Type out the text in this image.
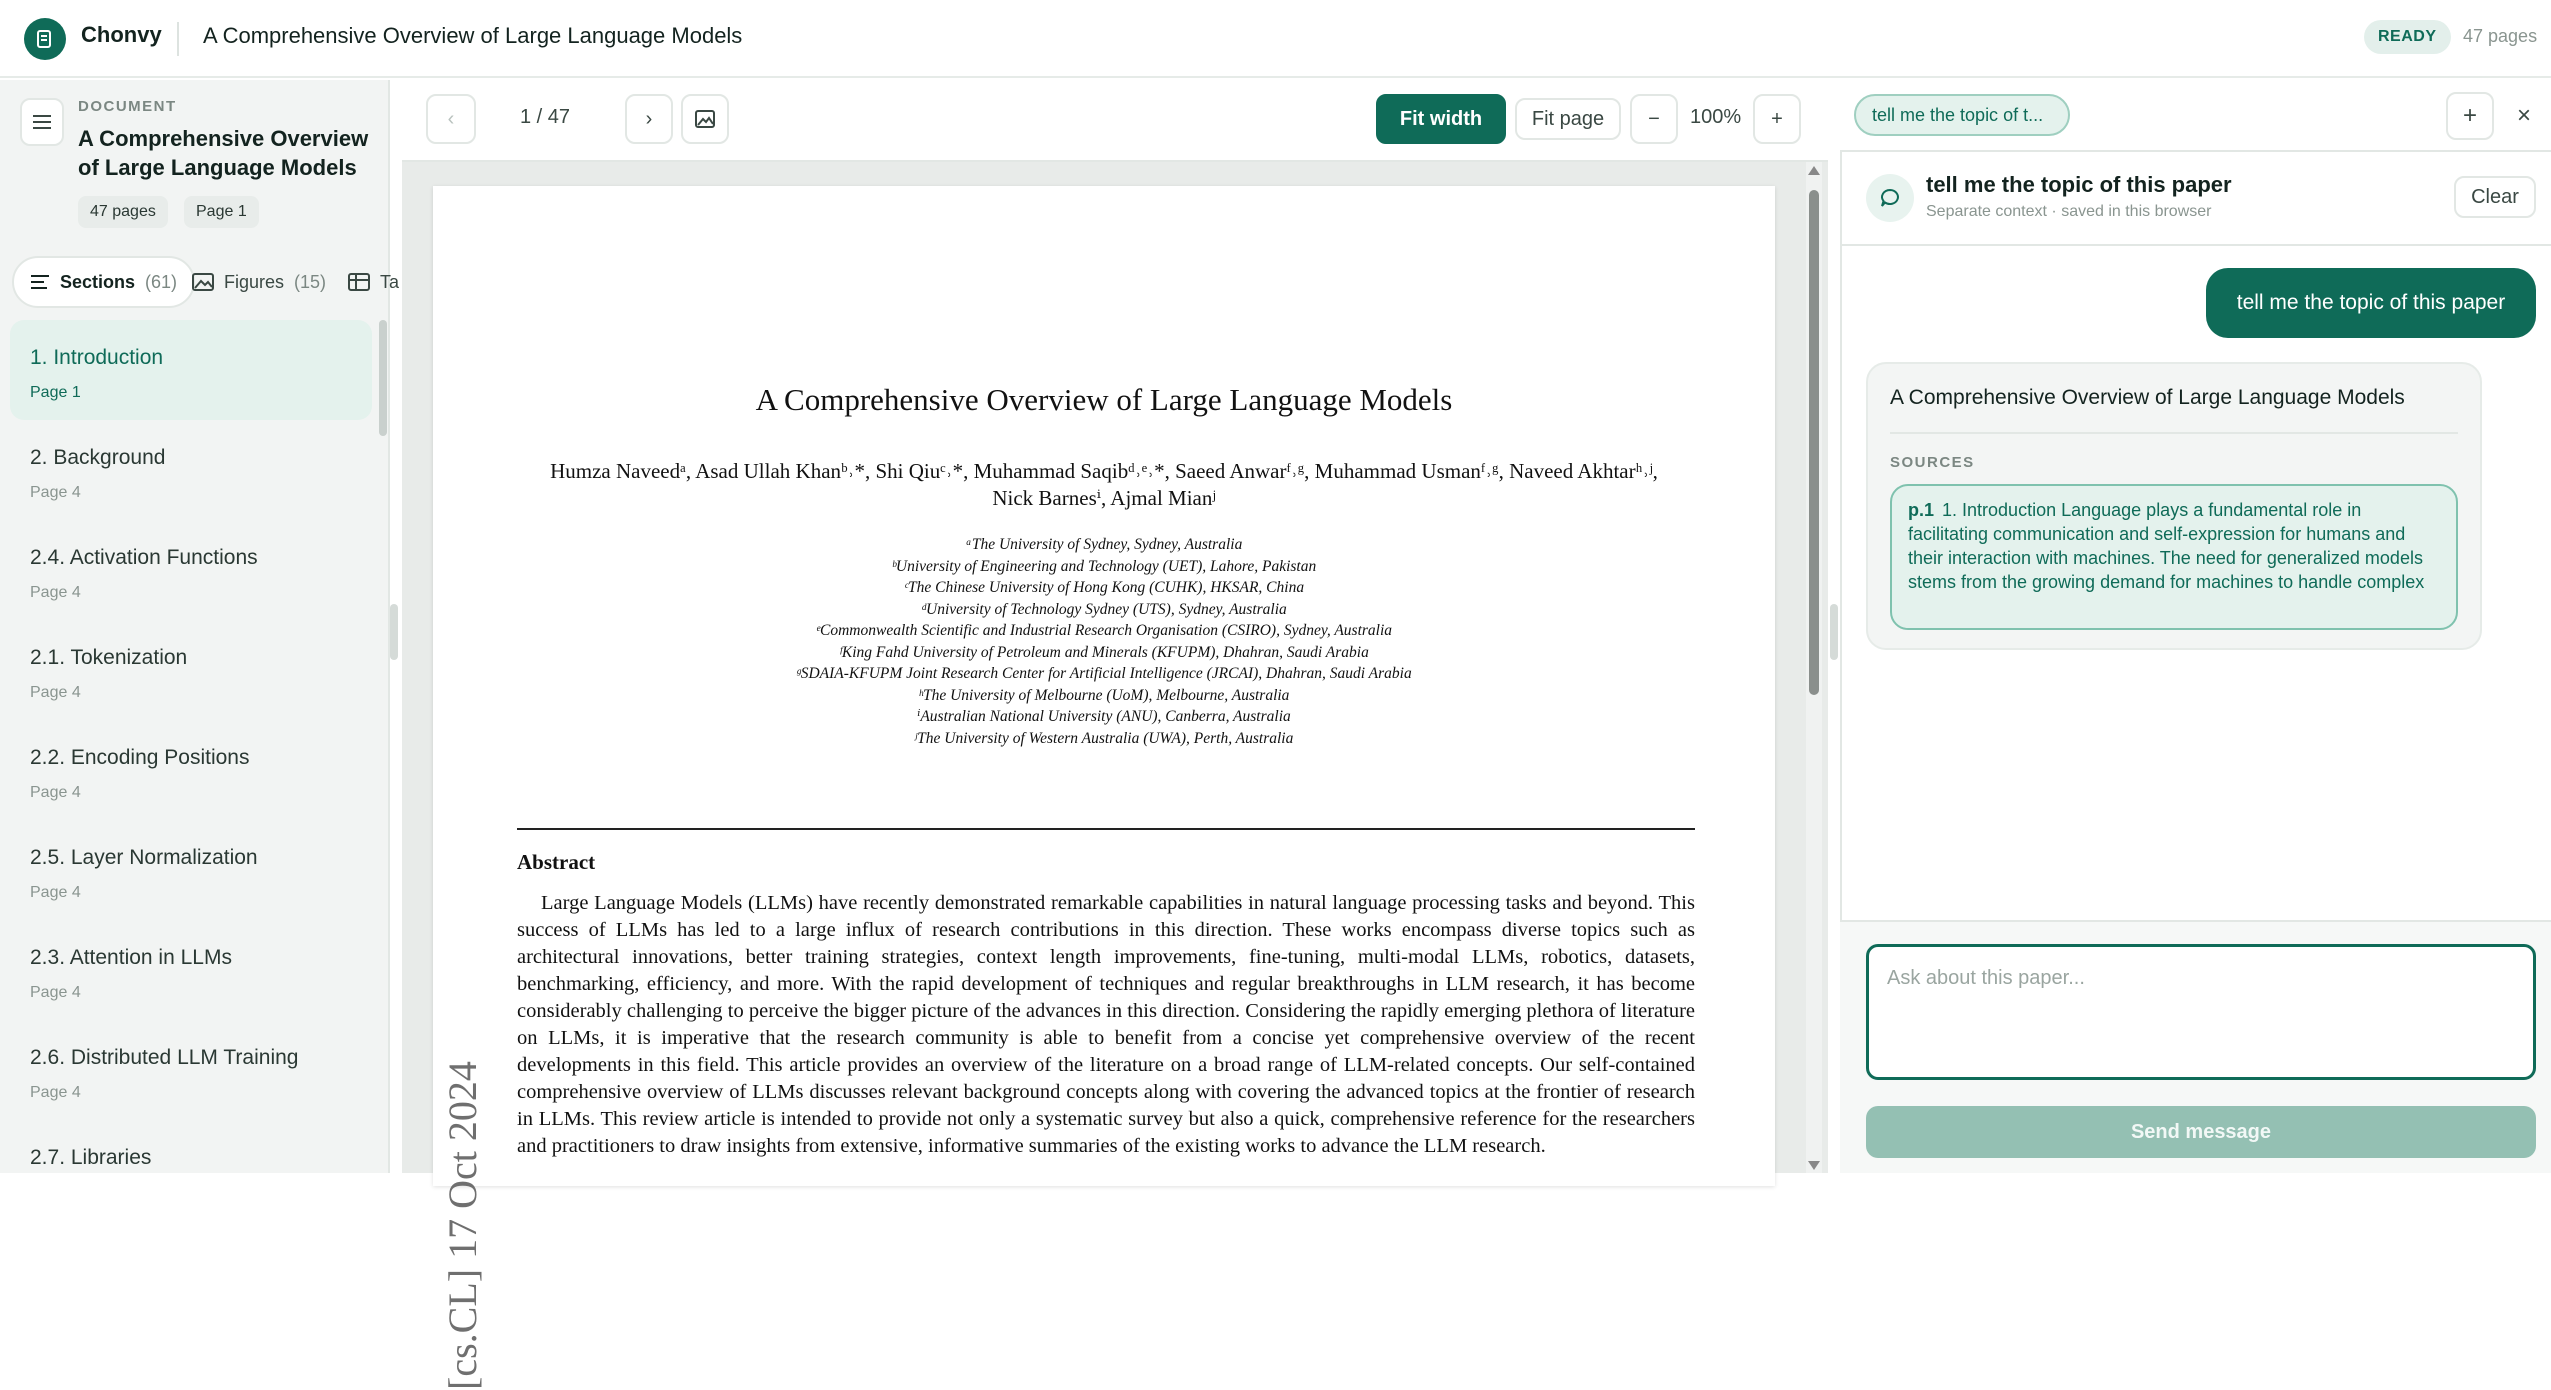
Chonvy A Comprehensive Overview of Large Language Models	READY	47 pages
DOCUMENT
A Comprehensive Overview of Large Language Models
47 pages	Page 1
Sections (61)	Figures (15)	Ta
1. Introduction
Page 1
2. Background
Page 4
2.4. Activation Functions
Page 4
2.1. Tokenization
Page 4
2.2. Encoding Positions
Page 4
2.5. Layer Normalization
Page 4
2.3. Attention in LLMs
Page 4
2.6. Distributed LLM Training
Page 4
2.7. Libraries
‹	1 / 47	›	Fit width	Fit page	−	100%	+
A Comprehensive Overview of Large Language Models
Humza Naveedᵃ, Asad Ullah Khanᵇ˒*, Shi Qiuᶜ˒*, Muhammad Saqibᵈ˒ᵉ˒*, Saeed Anwarᶠ˒ᵍ, Muhammad Usmanᶠ˒ᵍ, Naveed Akhtarʰ˒ʲ,
Nick Barnesⁱ, Ajmal Mianʲ
ᵃThe University of Sydney, Sydney, Australia
ᵇUniversity of Engineering and Technology (UET), Lahore, Pakistan
ᶜThe Chinese University of Hong Kong (CUHK), HKSAR, China
ᵈUniversity of Technology Sydney (UTS), Sydney, Australia
ᵉCommonwealth Scientific and Industrial Research Organisation (CSIRO), Sydney, Australia
ᶠKing Fahd University of Petroleum and Minerals (KFUPM), Dhahran, Saudi Arabia
ᵍSDAIA-KFUPM Joint Research Center for Artificial Intelligence (JRCAI), Dhahran, Saudi Arabia
ʰThe University of Melbourne (UoM), Melbourne, Australia
ⁱAustralian National University (ANU), Canberra, Australia
ʲThe University of Western Australia (UWA), Perth, Australia
[cs.CL] 17 Oct 2024
Abstract
Large Language Models (LLMs) have recently demonstrated remarkable capabilities in natural language processing tasks and beyond. This success of LLMs has led to a large influx of research contributions in this direction. These works encompass diverse topics such as architectural innovations, better training strategies, context length improvements, fine-tuning, multi-modal LLMs, robotics, datasets, benchmarking, efficiency, and more. With the rapid development of techniques and regular breakthroughs in LLM research, it has become considerably challenging to perceive the bigger picture of the advances in this direction. Considering the rapidly emerging plethora of literature on LLMs, it is imperative that the research community is able to benefit from a concise yet comprehensive overview of the recent developments in this field. This article provides an overview of the literature on a broad range of LLM-related concepts. Our self-contained comprehensive overview of LLMs discusses relevant background concepts along with covering the advanced topics at the frontier of research in LLMs. This review article is intended to provide not only a systematic survey but also a quick, comprehensive reference for the researchers and practitioners to draw insights from extensive, informative summaries of the existing works to advance the LLM research.
tell me the topic of t...	+	×
tell me the topic of this paper
Separate context · saved in this browser
Clear
tell me the topic of this paper
A Comprehensive Overview of Large Language Models
SOURCES
p.1 1. Introduction Language plays a fundamental role in facilitating communication and self-expression for humans and their interaction with machines. The need for generalized models stems from the growing demand for machines to handle complex
Ask about this paper...
Send message
